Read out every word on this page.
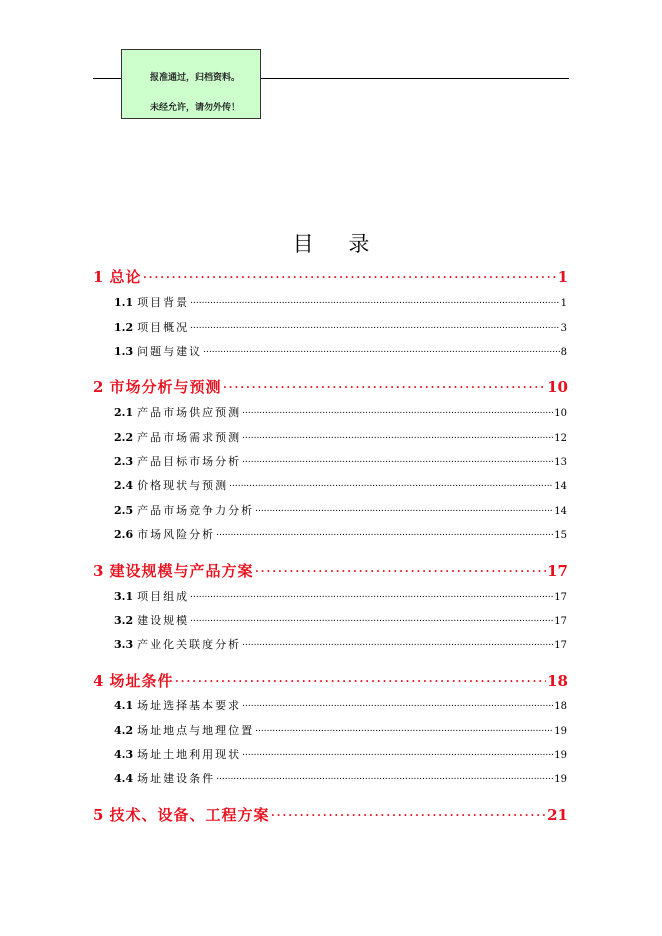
报准通过，归档资料。
未经允许，请勿外传！
目 录
1 总论 .....	1
1.1 项目背景 .....	1
1.2 项目概况 .....	3
1.3 问题与建议 .....	8
2 市场分析与预测 .....	10
2.1 产品市场供应预测 .....	10
2.2 产品市场需求预测 .....	12
2.3 产品目标市场分析 .....	13
2.4 价格现状与预测 .....	14
2.5 产品市场竞争力分析 .....	14
2.6 市场风险分析 .....	15
3 建设规模与产品方案 .....	17
3.1 项目组成 .....	17
3.2 建设规模 .....	17
3.3 产业化关联度分析 .....	17
4 场址条件 .....	18
4.1 场址选择基本要求 .....	18
4.2 场址地点与地理位置 .....	19
4.3 场址土地利用现状 .....	19
4.4 场址建设条件 .....	19
5 技术、设备、工程方案 .....	21
